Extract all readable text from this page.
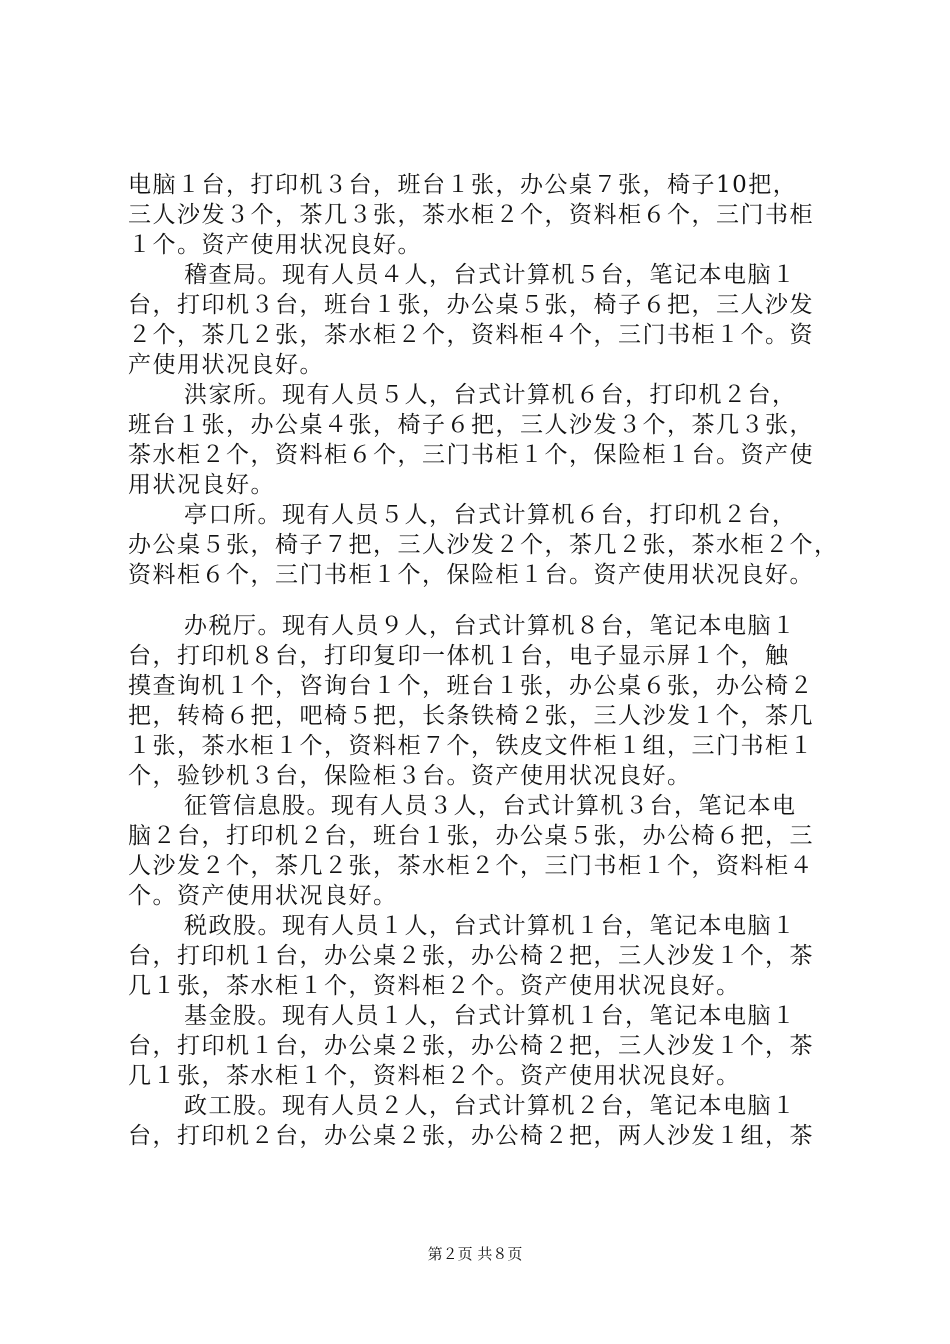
电脑１台，打印机３台，班台１张，办公桌７张，椅子10把，
三人沙发３个，茶几３张，茶水柜２个，资料柜６个，三门书柜
１个。资产使用状况良好。
稽查局。现有人员４人，台式计算机５台，笔记本电脑１
台，打印机３台，班台１张，办公桌５张，椅子６把，三人沙发
２个，茶几２张，茶水柜２个，资料柜４个，三门书柜１个。资
产使用状况良好。
洪家所。现有人员５人，台式计算机６台，打印机２台，
班台１张，办公桌４张，椅子６把，三人沙发３个，茶几３张，
茶水柜２个，资料柜６个，三门书柜１个，保险柜１台。资产使
用状况良好。
亭口所。现有人员５人，台式计算机６台，打印机２台，
办公桌５张，椅子７把，三人沙发２个，茶几２张，茶水柜２个，
资料柜６个，三门书柜１个，保险柜１台。资产使用状况良好。
办税厅。现有人员９人，台式计算机８台，笔记本电脑１
台，打印机８台，打印复印一体机１台，电子显示屏１个，触
摸查询机１个，咨询台１个，班台１张，办公桌６张，办公椅２
把，转椅６把，吧椅５把，长条铁椅２张，三人沙发１个，茶几
１张，茶水柜１个，资料柜７个，铁皮文件柜１组，三门书柜１
个，验钞机３台，保险柜３台。资产使用状况良好。
征管信息股。现有人员３人，台式计算机３台，笔记本电
脑２台，打印机２台，班台１张，办公桌５张，办公椅６把，三
人沙发２个，茶几２张，茶水柜２个，三门书柜１个，资料柜４
个。资产使用状况良好。
税政股。现有人员１人，台式计算机１台，笔记本电脑１
台，打印机１台，办公桌２张，办公椅２把，三人沙发１个，茶
几１张，茶水柜１个，资料柜２个。资产使用状况良好。
基金股。现有人员１人，台式计算机１台，笔记本电脑１
台，打印机１台，办公桌２张，办公椅２把，三人沙发１个，茶
几１张，茶水柜１个，资料柜２个。资产使用状况良好。
政工股。现有人员２人，台式计算机２台，笔记本电脑１
台，打印机２台，办公桌２张，办公椅２把，两人沙发１组，茶
第２页 共８页
